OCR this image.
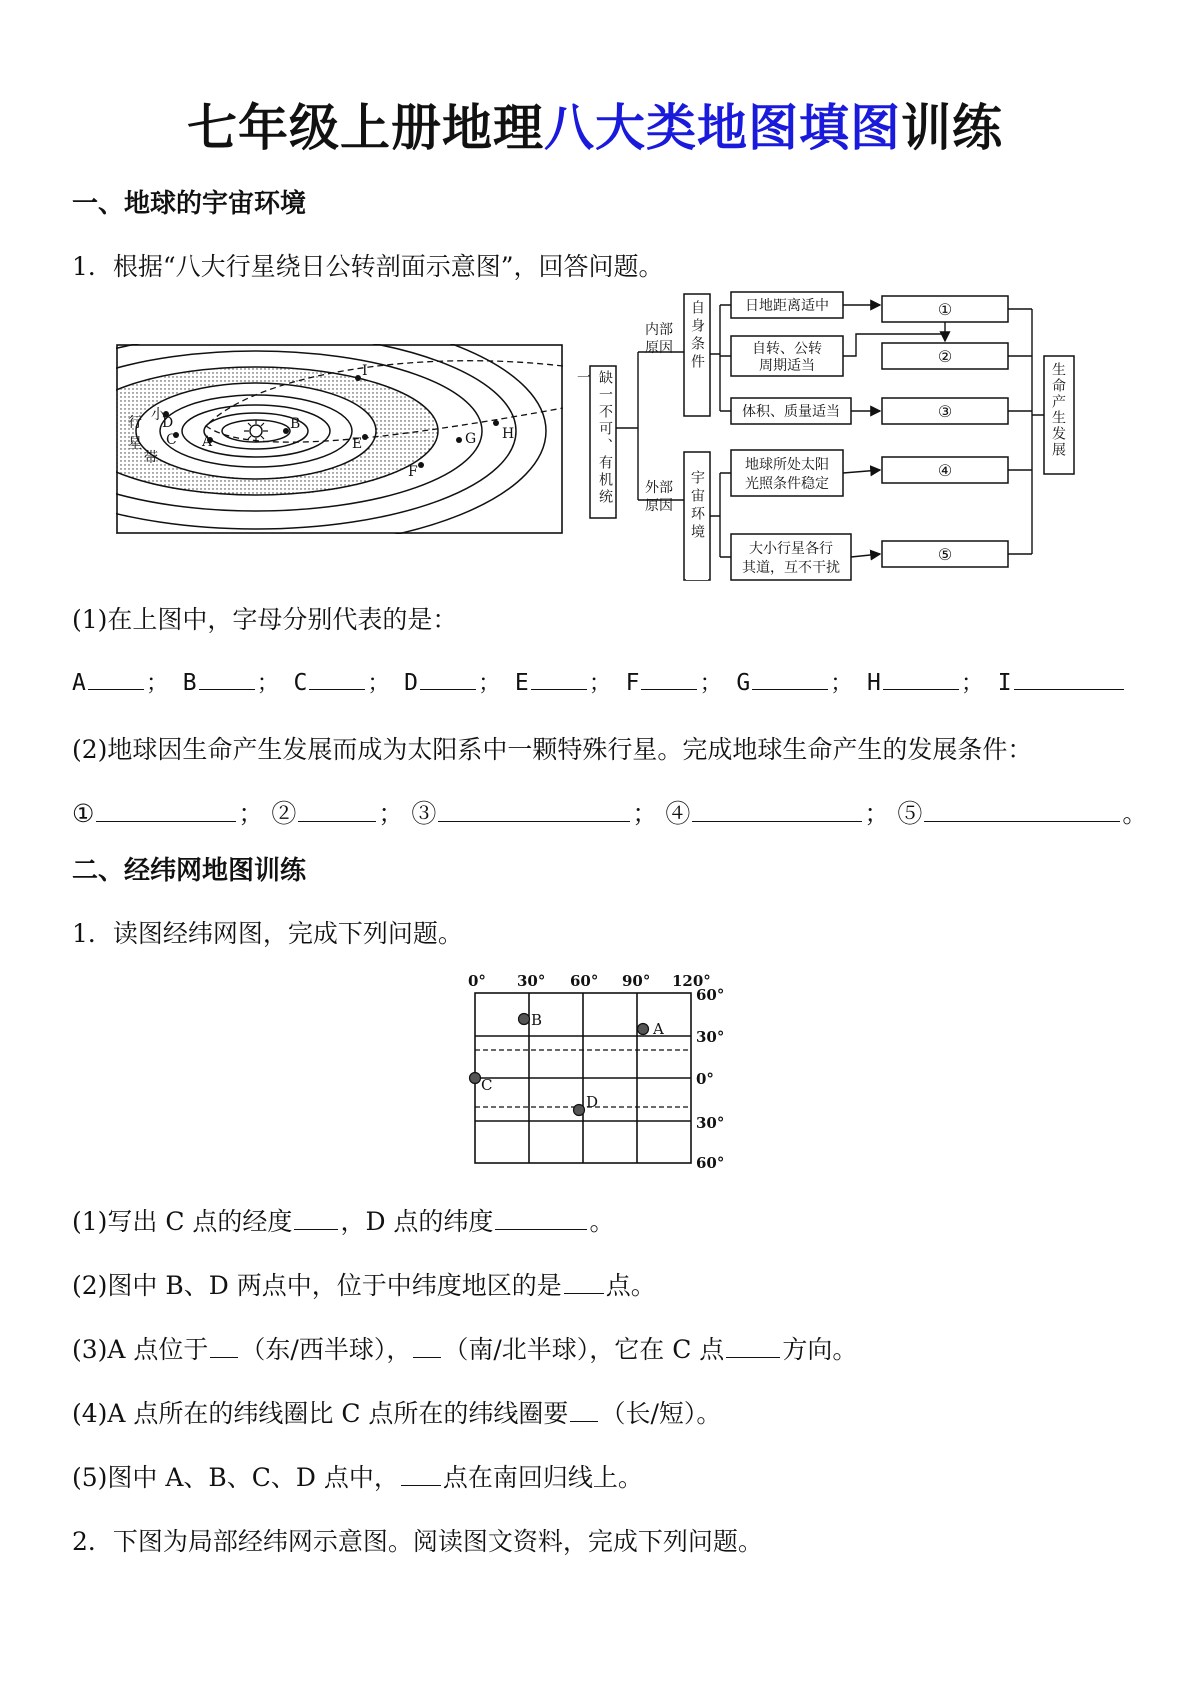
七年级上册地理八大类地图填图训练
一、地球的宇宙环境
1．根据“八大行星绕日公转剖面示意图”，回答问题。
B
A
C
D
E
F
G H
I
小
行
星
带
日地距离适中
自转、公转
周期适当
体积、质量适当
地球所处太阳
光照条件稳定
大小行星各行
其道，互不干扰
①
②
③
④
⑤
内部原因
外部原因
缺一不可、有机统一
自身条件
宇宙环境
生命产生发展
(1)在上图中，字母分别代表的是：
A	； B	； C	； D	； E	； F	； G	； H	； I
(2)地球因生命产生发展而成为太阳系中一颗特殊行星。完成地球生命产生的发展条件：
①	； ②	； ③	； ④	； ⑤	。
二、经纬网地图训练
1．读图经纬网图，完成下列问题。
0° 30° 60° 90° 120°
60°
30°
0°
30°
60°
A
B
C
D
(1)写出 C 点的经度 ，D 点的纬度	。
(2)图中 B、D 两点中，位于中纬度地区的是 点。
(3)A 点位于 （东/西半球）， （南/北半球），它在 C 点 方向。
(4)A 点所在的纬线圈比 C 点所在的纬线圈要 （长/短）。
(5)图中 A、B、C、D 点中， 点在南回归线上。
2．下图为局部经纬网示意图。阅读图文资料，完成下列问题。
